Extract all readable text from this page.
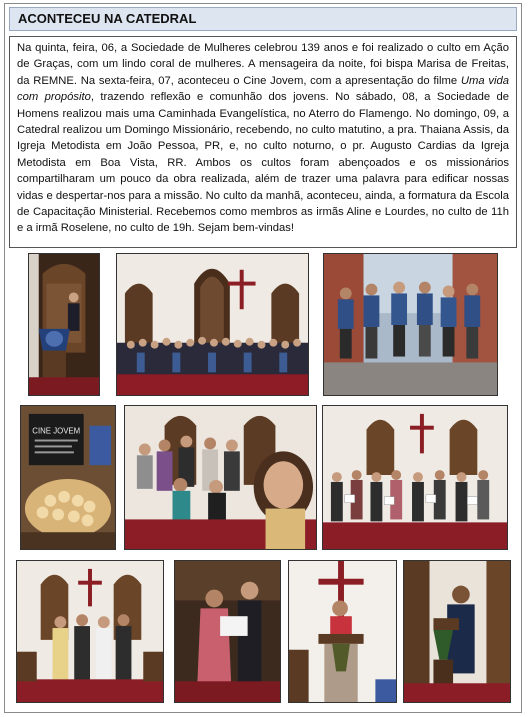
ACONTECEU NA CATEDRAL
Na quinta, feira, 06, a Sociedade de Mulheres celebrou 139 anos e foi realizado o culto em Ação de Graças, com um lindo coral de mulheres. A mensageira da noite, foi bispa Marisa de Freitas, da REMNE. Na sexta-feira, 07, aconteceu o Cine Jovem, com a apresentação do filme Uma vida com propósito, trazendo reflexão e comunhão dos jovens. No sábado, 08, a Sociedade de Homens realizou mais uma Caminhada Evangelística, no Aterro do Flamengo. No domingo, 09, a Catedral realizou um Domingo Missionário, recebendo, no culto matutino, a pra. Thaiana Assis, da Igreja Metodista em João Pessoa, PR, e, no culto noturno, o pr. Augusto Cardias da Igreja Metodista em Boa Vista, RR. Ambos os cultos foram abençoados e os missionários compartilharam um pouco da obra realizada, além de trazer uma palavra para edificar nossas vidas e despertar-nos para a missão. No culto da manhã, aconteceu, ainda, a formatura da Escola de Capacitação Ministerial. Recebemos como membros as irmãs Aline e Lourdes, no culto de 11h e a irmã Roselene, no culto de 19h. Sejam bem-vindas!
CINE JOVEM
